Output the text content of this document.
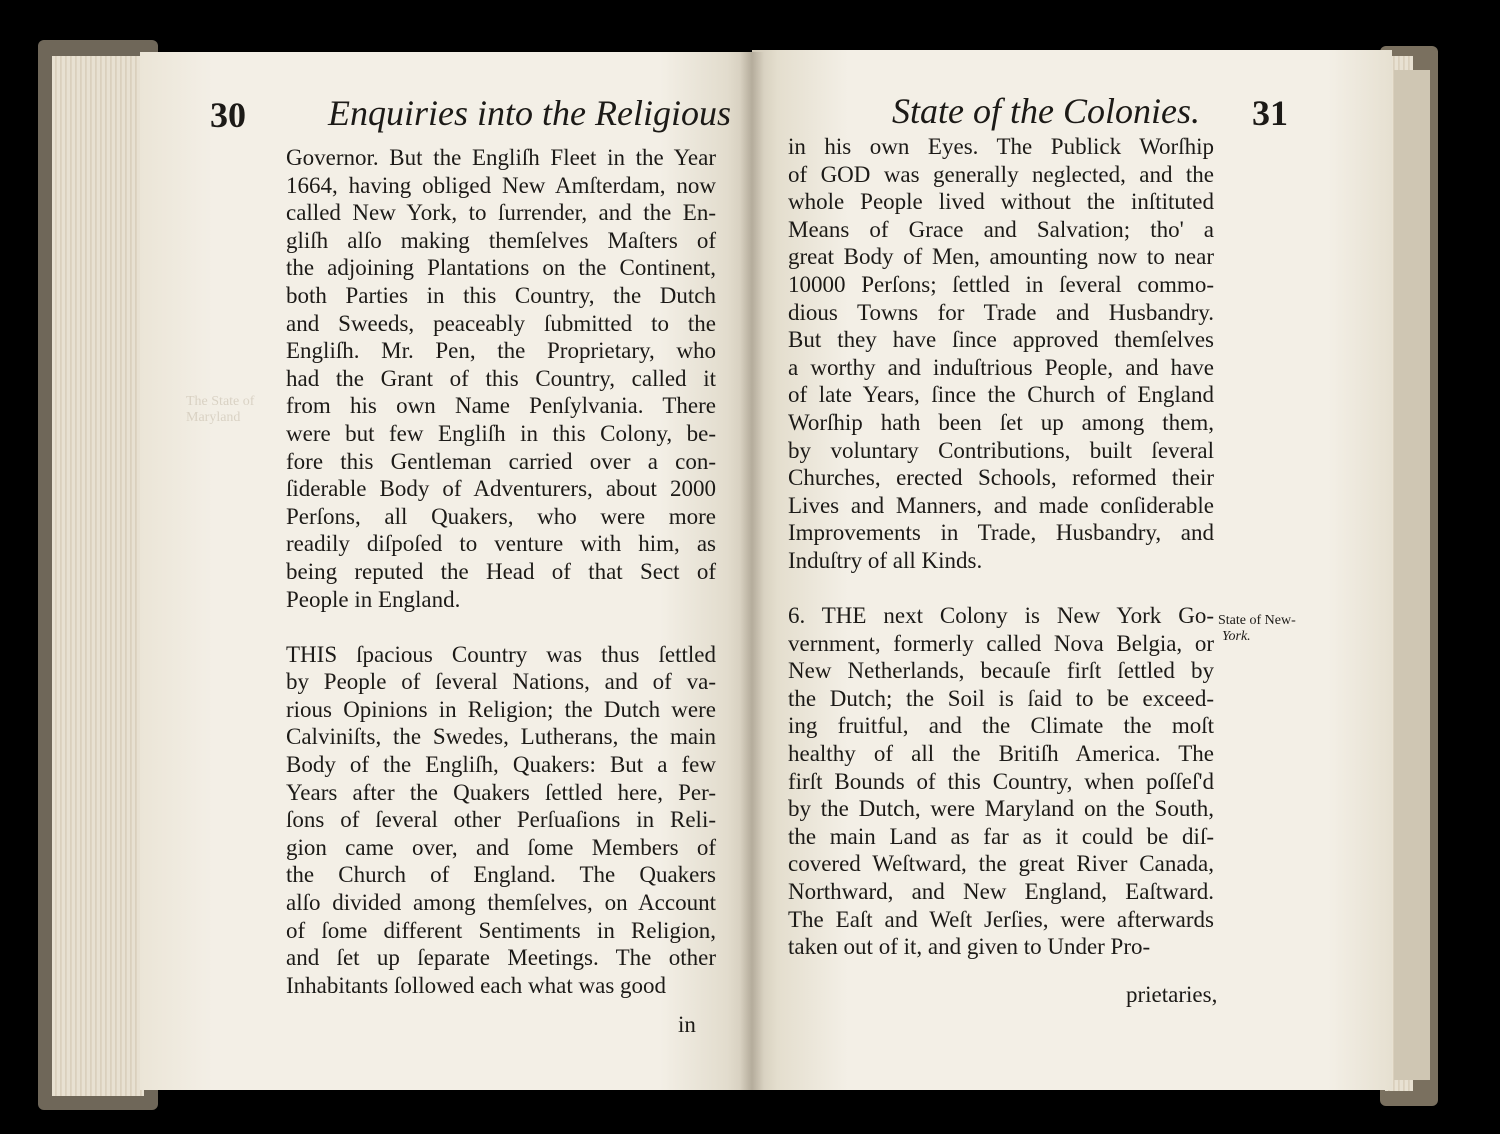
The State of
Maryland
30 Enquiries into the Religious
Governor. But the Engliſh Fleet in the Year
1664, having obliged New Amſterdam, now
called New York, to ſurrender, and the En-
gliſh alſo making themſelves Maſters of
the adjoining Plantations on the Continent,
both Parties in this Country, the Dutch
and Sweeds, peaceably ſubmitted to the
Engliſh. Mr. Pen, the Proprietary, who
had the Grant of this Country, called it
from his own Name Penſylvania. There
were but few Engliſh in this Colony, be-
fore this Gentleman carried over a con-
ſiderable Body of Adventurers, about 2000
Perſons, all Quakers, who were more
readily diſpoſed to venture with him, as
being reputed the Head of that Sect of
People in England.
THIS ſpacious Country was thus ſettled
by People of ſeveral Nations, and of va-
rious Opinions in Religion; the Dutch were
Calviniſts, the Swedes, Lutherans, the main
Body of the Engliſh, Quakers: But a few
Years after the Quakers ſettled here, Per-
ſons of ſeveral other Perſuaſions in Reli-
gion came over, and ſome Members of
the Church of England. The Quakers
alſo divided among themſelves, on Account
of ſome different Sentiments in Religion,
and ſet up ſeparate Meetings. The other
Inhabitants ſollowed each what was good
in
State of the Colonies. 31
in his own Eyes. The Publick Worſhip
of GOD was generally neglected, and the
whole People lived without the inſtituted
Means of Grace and Salvation; tho' a
great Body of Men, amounting now to near
10000 Perſons; ſettled in ſeveral commo-
dious Towns for Trade and Husbandry.
But they have ſince approved themſelves
a worthy and induſtrious People, and have
of late Years, ſince the Church of England
Worſhip hath been ſet up among them,
by voluntary Contributions, built ſeveral
Churches, erected Schools, reformed their
Lives and Manners, and made conſiderable
Improvements in Trade, Husbandry, and
Induſtry of all Kinds.
6. THE next Colony is New York Go-
vernment, formerly called Nova Belgia, or
New Netherlands, becauſe firſt ſettled by
the Dutch; the Soil is ſaid to be exceed-
ing fruitful, and the Climate the moſt
healthy of all the Britiſh America. The
firſt Bounds of this Country, when poſſeſ'd
by the Dutch, were Maryland on the South,
the main Land as far as it could be diſ-
covered Weſtward, the great River Canada,
Northward, and New England, Eaſtward.
The Eaſt and Weſt Jerſies, were afterwards
taken out of it, and given to Under Pro-
State of New-
York.
prietaries,
